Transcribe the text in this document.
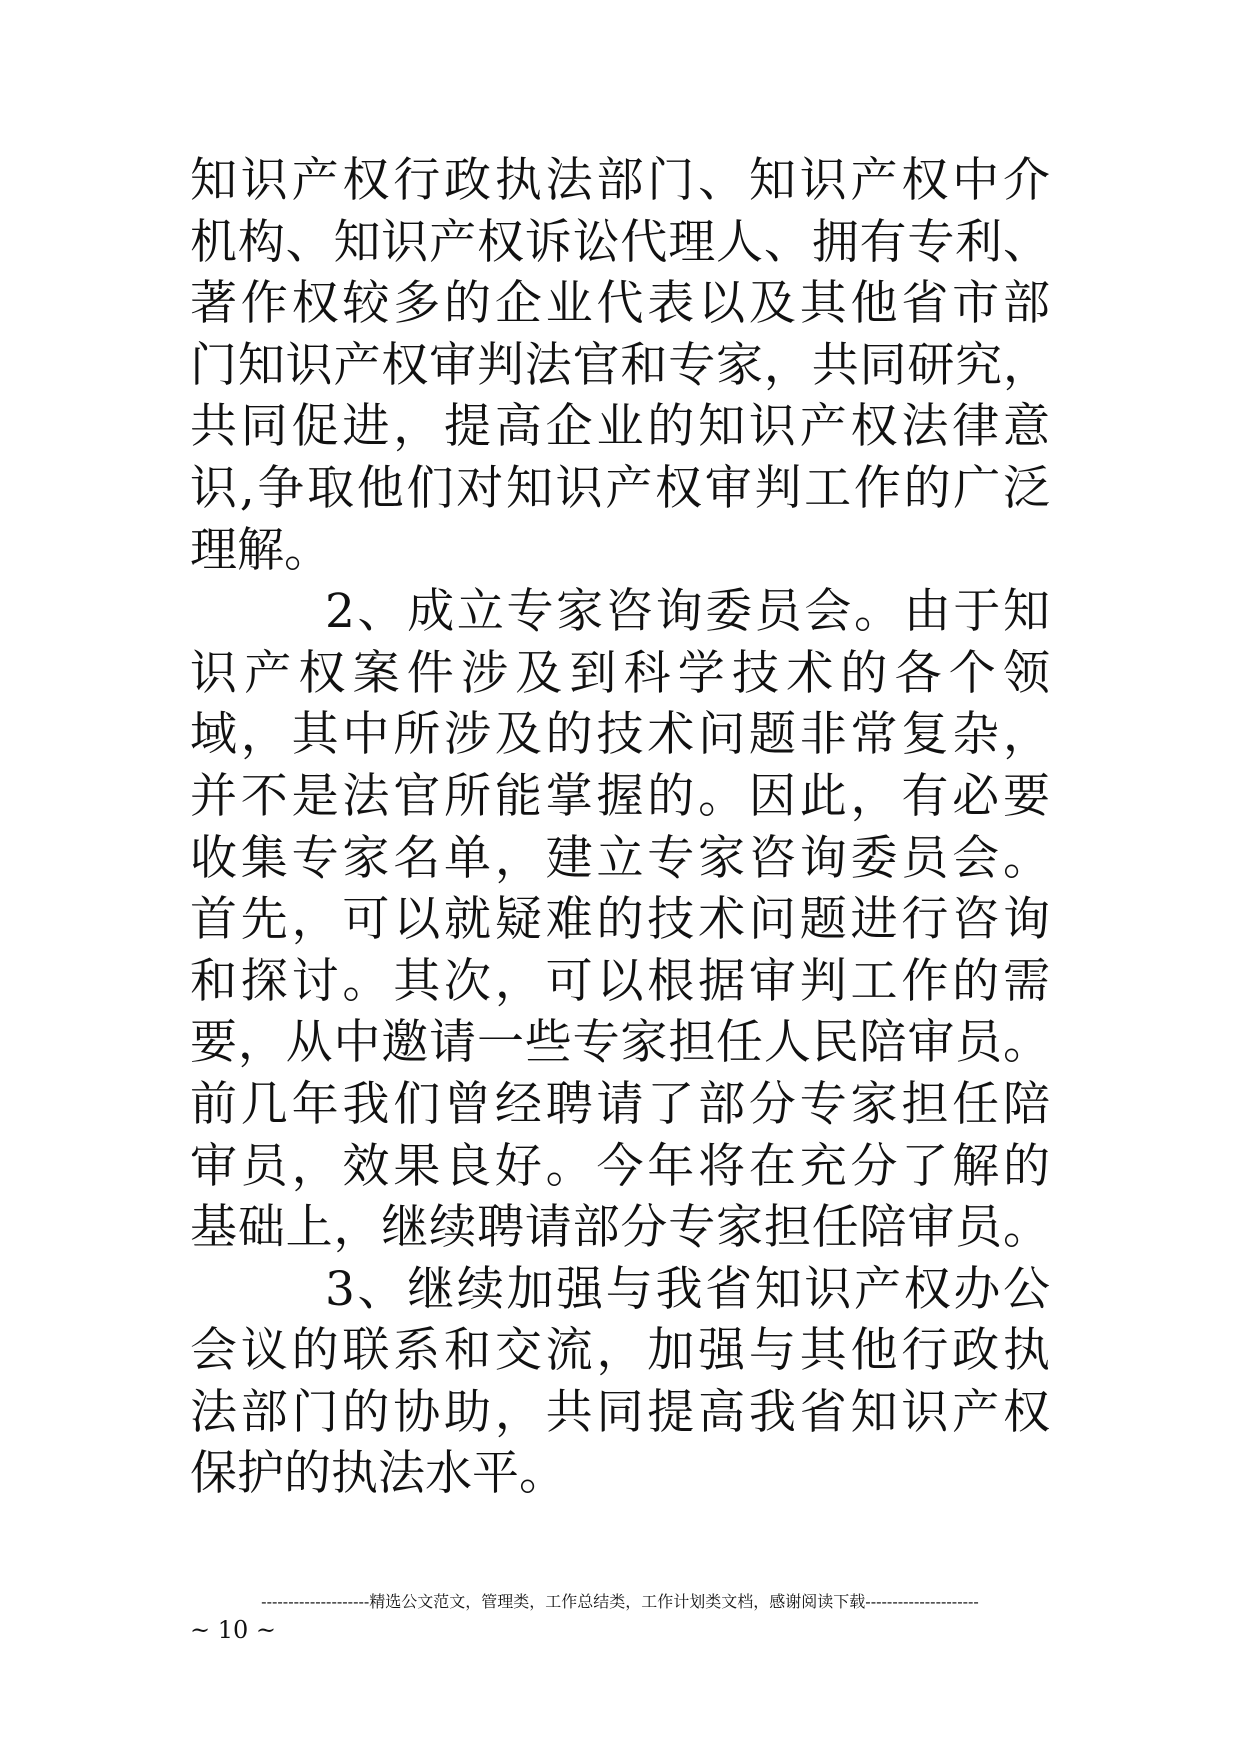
知识产权行政执法部门、知识产权中介
机构、知识产权诉讼代理人、拥有专利、
著作权较多的企业代表以及其他省市部
门知识产权审判法官和专家，共同研究，
共同促进，提高企业的知识产权法律意
识,争取他们对知识产权审判工作的广泛
理解。
2、成立专家咨询委员会。由于知
识产权案件涉及到科学技术的各个领
域，其中所涉及的技术问题非常复杂，
并不是法官所能掌握的。因此，有必要
收集专家名单，建立专家咨询委员会。
首先，可以就疑难的技术问题进行咨询
和探讨。其次，可以根据审判工作的需
要，从中邀请一些专家担任人民陪审员。
前几年我们曾经聘请了部分专家担任陪
审员，效果良好。今年将在充分了解的
基础上，继续聘请部分专家担任陪审员。
3、继续加强与我省知识产权办公
会议的联系和交流，加强与其他行政执
法部门的协助，共同提高我省知识产权
保护的执法水平。
--------------------精选公文范文，管理类，工作总结类，工作计划类文档，感谢阅读下载---------------------
~ 10 ~
